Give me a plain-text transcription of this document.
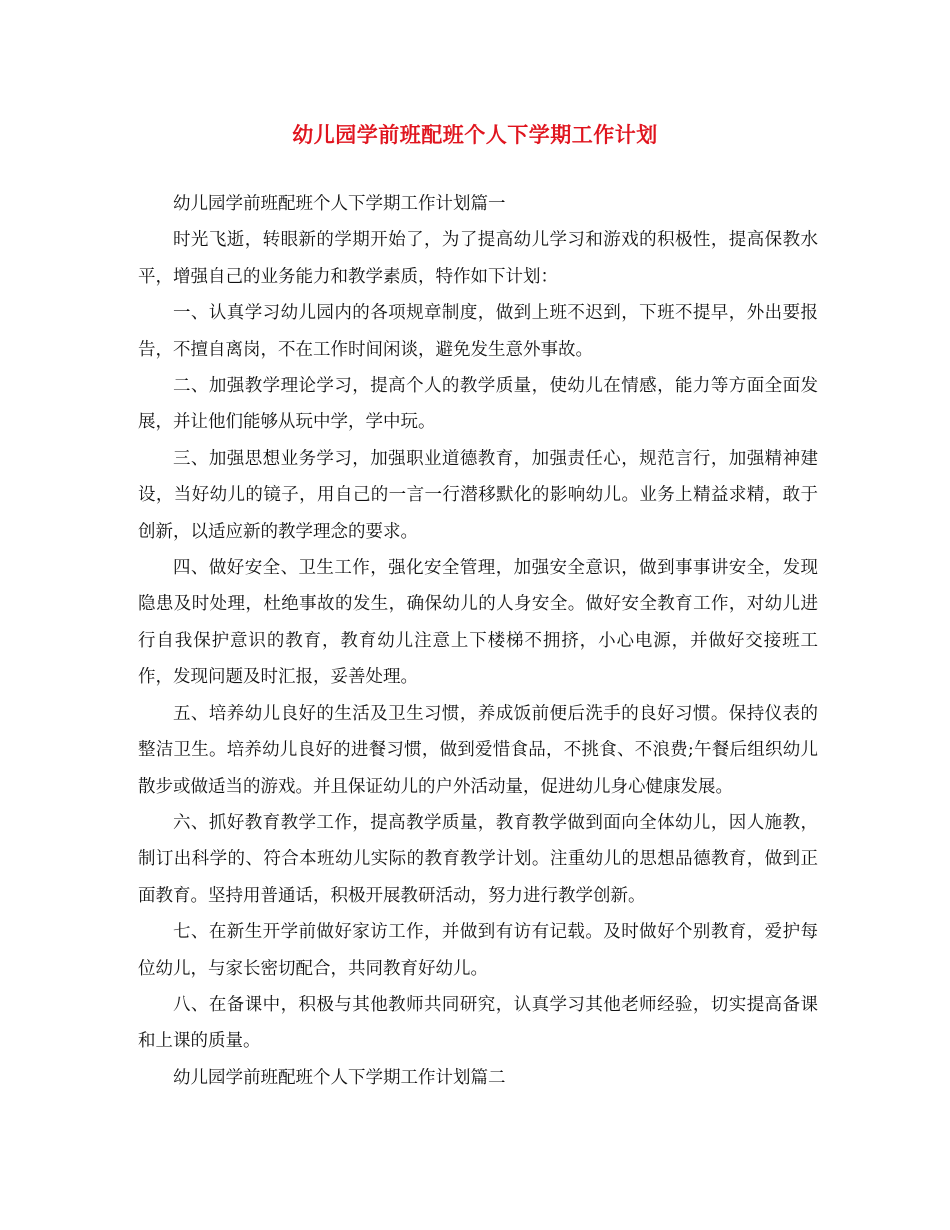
幼儿园学前班配班个人下学期工作计划

幼儿园学前班配班个人下学期工作计划篇一

时光飞逝，转眼新的学期开始了，为了提高幼儿学习和游戏的积极性，提高保教水平，增强自己的业务能力和教学素质，特作如下计划：

一、认真学习幼儿园内的各项规章制度，做到上班不迟到，下班不提早，外出要报告，不擅自离岗，不在工作时间闲谈，避免发生意外事故。

二、加强教学理论学习，提高个人的教学质量，使幼儿在情感，能力等方面全面发展，并让他们能够从玩中学，学中玩。

三、加强思想业务学习，加强职业道德教育，加强责任心，规范言行，加强精神建设，当好幼儿的镜子，用自己的一言一行潜移默化的影响幼儿。业务上精益求精，敢于创新，以适应新的教学理念的要求。

四、做好安全、卫生工作，强化安全管理，加强安全意识，做到事事讲安全，发现隐患及时处理，杜绝事故的发生，确保幼儿的人身安全。做好安全教育工作，对幼儿进行自我保护意识的教育，教育幼儿注意上下楼梯不拥挤，小心电源，并做好交接班工作，发现问题及时汇报，妥善处理。

五、培养幼儿良好的生活及卫生习惯，养成饭前便后洗手的良好习惯。保持仪表的整洁卫生。培养幼儿良好的进餐习惯，做到爱惜食品，不挑食、不浪费;午餐后组织幼儿散步或做适当的游戏。并且保证幼儿的户外活动量，促进幼儿身心健康发展。

六、抓好教育教学工作，提高教学质量，教育教学做到面向全体幼儿，因人施教，制订出科学的、符合本班幼儿实际的教育教学计划。注重幼儿的思想品德教育，做到正面教育。坚持用普通话，积极开展教研活动，努力进行教学创新。

七、在新生开学前做好家访工作，并做到有访有记载。及时做好个别教育，爱护每位幼儿，与家长密切配合，共同教育好幼儿。

八、在备课中，积极与其他教师共同研究，认真学习其他老师经验，切实提高备课和上课的质量。

幼儿园学前班配班个人下学期工作计划篇二
